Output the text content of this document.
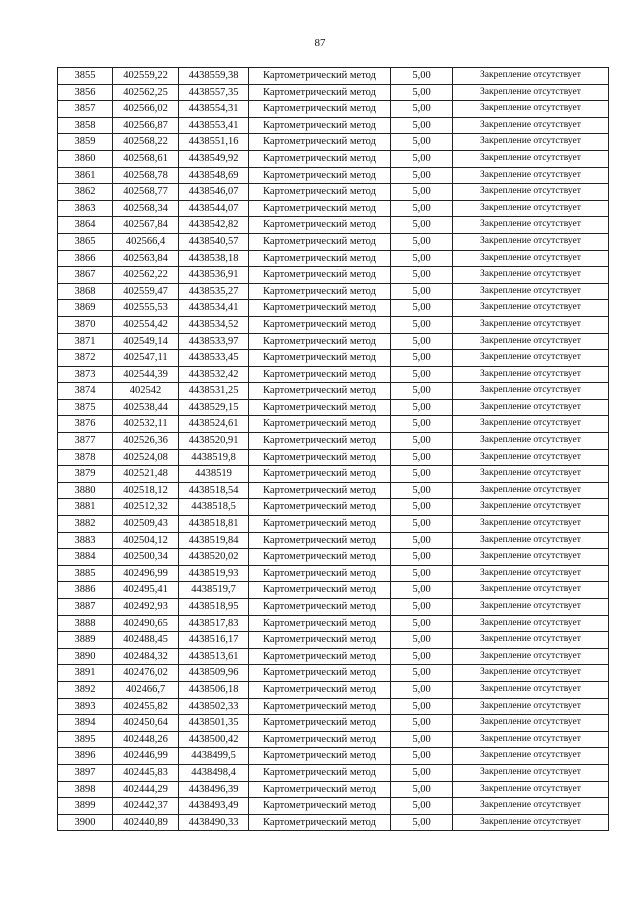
87
3855	402559,22	4438559,38	Картометрический метод	5,00	Закрепление отсутствует
3856	402562,25	4438557,35	Картометрический метод	5,00	Закрепление отсутствует
3857	402566,02	4438554,31	Картометрический метод	5,00	Закрепление отсутствует
3858	402566,87	4438553,41	Картометрический метод	5,00	Закрепление отсутствует
3859	402568,22	4438551,16	Картометрический метод	5,00	Закрепление отсутствует
3860	402568,61	4438549,92	Картометрический метод	5,00	Закрепление отсутствует
3861	402568,78	4438548,69	Картометрический метод	5,00	Закрепление отсутствует
3862	402568,77	4438546,07	Картометрический метод	5,00	Закрепление отсутствует
3863	402568,34	4438544,07	Картометрический метод	5,00	Закрепление отсутствует
3864	402567,84	4438542,82	Картометрический метод	5,00	Закрепление отсутствует
3865	402566,4	4438540,57	Картометрический метод	5,00	Закрепление отсутствует
3866	402563,84	4438538,18	Картометрический метод	5,00	Закрепление отсутствует
3867	402562,22	4438536,91	Картометрический метод	5,00	Закрепление отсутствует
3868	402559,47	4438535,27	Картометрический метод	5,00	Закрепление отсутствует
3869	402555,53	4438534,41	Картометрический метод	5,00	Закрепление отсутствует
3870	402554,42	4438534,52	Картометрический метод	5,00	Закрепление отсутствует
3871	402549,14	4438533,97	Картометрический метод	5,00	Закрепление отсутствует
3872	402547,11	4438533,45	Картометрический метод	5,00	Закрепление отсутствует
3873	402544,39	4438532,42	Картометрический метод	5,00	Закрепление отсутствует
3874	402542	4438531,25	Картометрический метод	5,00	Закрепление отсутствует
3875	402538,44	4438529,15	Картометрический метод	5,00	Закрепление отсутствует
3876	402532,11	4438524,61	Картометрический метод	5,00	Закрепление отсутствует
3877	402526,36	4438520,91	Картометрический метод	5,00	Закрепление отсутствует
3878	402524,08	4438519,8	Картометрический метод	5,00	Закрепление отсутствует
3879	402521,48	4438519	Картометрический метод	5,00	Закрепление отсутствует
3880	402518,12	4438518,54	Картометрический метод	5,00	Закрепление отсутствует
3881	402512,32	4438518,5	Картометрический метод	5,00	Закрепление отсутствует
3882	402509,43	4438518,81	Картометрический метод	5,00	Закрепление отсутствует
3883	402504,12	4438519,84	Картометрический метод	5,00	Закрепление отсутствует
3884	402500,34	4438520,02	Картометрический метод	5,00	Закрепление отсутствует
3885	402496,99	4438519,93	Картометрический метод	5,00	Закрепление отсутствует
3886	402495,41	4438519,7	Картометрический метод	5,00	Закрепление отсутствует
3887	402492,93	4438518,95	Картометрический метод	5,00	Закрепление отсутствует
3888	402490,65	4438517,83	Картометрический метод	5,00	Закрепление отсутствует
3889	402488,45	4438516,17	Картометрический метод	5,00	Закрепление отсутствует
3890	402484,32	4438513,61	Картометрический метод	5,00	Закрепление отсутствует
3891	402476,02	4438509,96	Картометрический метод	5,00	Закрепление отсутствует
3892	402466,7	4438506,18	Картометрический метод	5,00	Закрепление отсутствует
3893	402455,82	4438502,33	Картометрический метод	5,00	Закрепление отсутствует
3894	402450,64	4438501,35	Картометрический метод	5,00	Закрепление отсутствует
3895	402448,26	4438500,42	Картометрический метод	5,00	Закрепление отсутствует
3896	402446,99	4438499,5	Картометрический метод	5,00	Закрепление отсутствует
3897	402445,83	4438498,4	Картометрический метод	5,00	Закрепление отсутствует
3898	402444,29	4438496,39	Картометрический метод	5,00	Закрепление отсутствует
3899	402442,37	4438493,49	Картометрический метод	5,00	Закрепление отсутствует
3900	402440,89	4438490,33	Картометрический метод	5,00	Закрепление отсутствует
